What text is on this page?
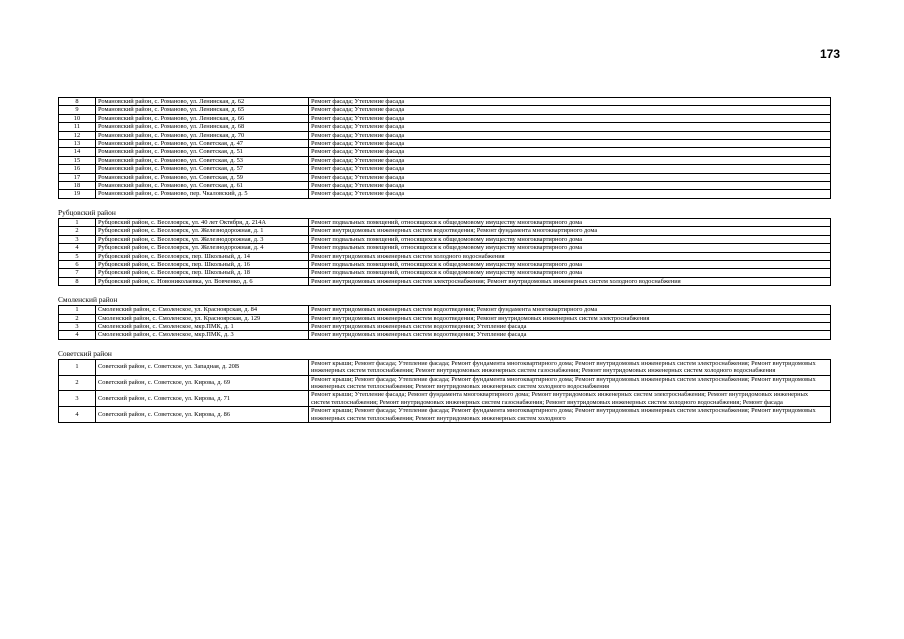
173
8	Романовский район, с. Романово, ул. Ленинская, д. 62	Ремонт фасада; Утепление фасада
9	Романовский район, с. Романово, ул. Ленинская, д. 65	Ремонт фасада; Утепление фасада
10	Романовский район, с. Романово, ул. Ленинская, д. 66	Ремонт фасада; Утепление фасада
11	Романовский район, с. Романово, ул. Ленинская, д. 68	Ремонт фасада; Утепление фасада
12	Романовский район, с. Романово, ул. Ленинская, д. 70	Ремонт фасада; Утепление фасада
13	Романовский район, с. Романово, ул. Советская, д. 47	Ремонт фасада; Утепление фасада
14	Романовский район, с. Романово, ул. Советская, д. 51	Ремонт фасада; Утепление фасада
15	Романовский район, с. Романово, ул. Советская, д. 53	Ремонт фасада; Утепление фасада
16	Романовский район, с. Романово, ул. Советская, д. 57	Ремонт фасада; Утепление фасада
17	Романовский район, с. Романово, ул. Советская, д. 59	Ремонт фасада; Утепление фасада
18	Романовский район, с. Романово, ул. Советская, д. 61	Ремонт фасада; Утепление фасада
19	Романовский район, с. Романово, пер. Чкаловский, д. 5	Ремонт фасада; Утепление фасада
Рубцовский район
1	Рубцовский район, с. Веселоярск, ул. 40 лет Октября, д. 214А	Ремонт подвальных помещений, относящихся к общедомовому имуществу многоквартирного дома
2	Рубцовский район, с. Веселоярск, ул. Железнодорожная, д. 1	Ремонт внутридомовых инженерных систем водоотведения; Ремонт фундамента многоквартирного дома
3	Рубцовский район, с. Веселоярск, ул. Железнодорожная, д. 3	Ремонт подвальных помещений, относящихся к общедомовому имуществу многоквартирного дома
4	Рубцовский район, с. Веселоярск, ул. Железнодорожная, д. 4	Ремонт подвальных помещений, относящихся к общедомовому имуществу многоквартирного дома
5	Рубцовский район, с. Веселоярск, пер. Школьный, д. 14	Ремонт внутридомовых инженерных систем холодного водоснабжения
6	Рубцовский район, с. Веселоярск, пер. Школьный, д. 16	Ремонт подвальных помещений, относящихся к общедомовому имуществу многоквартирного дома
7	Рубцовский район, с. Веселоярск, пер. Школьный, д. 18	Ремонт подвальных помещений, относящихся к общедомовому имуществу многоквартирного дома
8	Рубцовский район, с. Новониколаевка, ул. Вовченко, д. 6	Ремонт внутридомовых инженерных систем электроснабжения; Ремонт внутридомовых инженерных систем холодного водоснабжения
Смоленский район
1	Смоленский район, с. Смоленское, ул. Красноярская, д. 84	Ремонт внутридомовых инженерных систем водоотведения; Ремонт фундамента многоквартирного дома
2	Смоленский район, с. Смоленское, ул. Красноярская, д. 129	Ремонт внутридомовых инженерных систем водоотведения; Ремонт внутридомовых инженерных систем электроснабжения
3	Смоленский район, с. Смоленское, мкр.ПМК, д. 1	Ремонт внутридомовых инженерных систем водоотведения; Утепление фасада
4	Смоленский район, с. Смоленское, мкр.ПМК, д. 3	Ремонт внутридомовых инженерных систем водоотведения; Утепление фасада
Советский район
1	Советский район, с. Советское, ул. Западная, д. 20В	Ремонт крыши; Ремонт фасада; Утепление фасада; Ремонт фундамента многоквартирного дома; Ремонт внутридомовых инженерных систем электроснабжения; Ремонт внутридомовых инженерных систем теплоснабжения; Ремонт внутридомовых инженерных систем газоснабжения; Ремонт внутридомовых инженерных систем холодного водоснабжения
2	Советский район, с. Советское, ул. Кирова, д. 69	Ремонт крыши; Ремонт фасада; Утепление фасада; Ремонт фундамента многоквартирного дома; Ремонт внутридомовых инженерных систем электроснабжения; Ремонт внутридомовых инженерных систем теплоснабжения; Ремонт внутридомовых инженерных систем холодного водоснабжения
3	Советский район, с. Советское, ул. Кирова, д. 71	Ремонт крыши; Утепление фасада; Ремонт фундамента многоквартирного дома; Ремонт внутридомовых инженерных систем электроснабжения; Ремонт внутридомовых инженерных систем теплоснабжения; Ремонт внутридомовых инженерных систем газоснабжения; Ремонт внутридомовых инженерных систем холодного водоснабжения; Ремонт фасада
4	Советский район, с. Советское, ул. Кирова, д. 86	Ремонт крыши; Ремонт фасада; Утепление фасада; Ремонт фундамента многоквартирного дома; Ремонт внутридомовых инженерных систем электроснабжения; Ремонт внутридомовых инженерных систем теплоснабжения; Ремонт внутридомовых инженерных систем холодного
